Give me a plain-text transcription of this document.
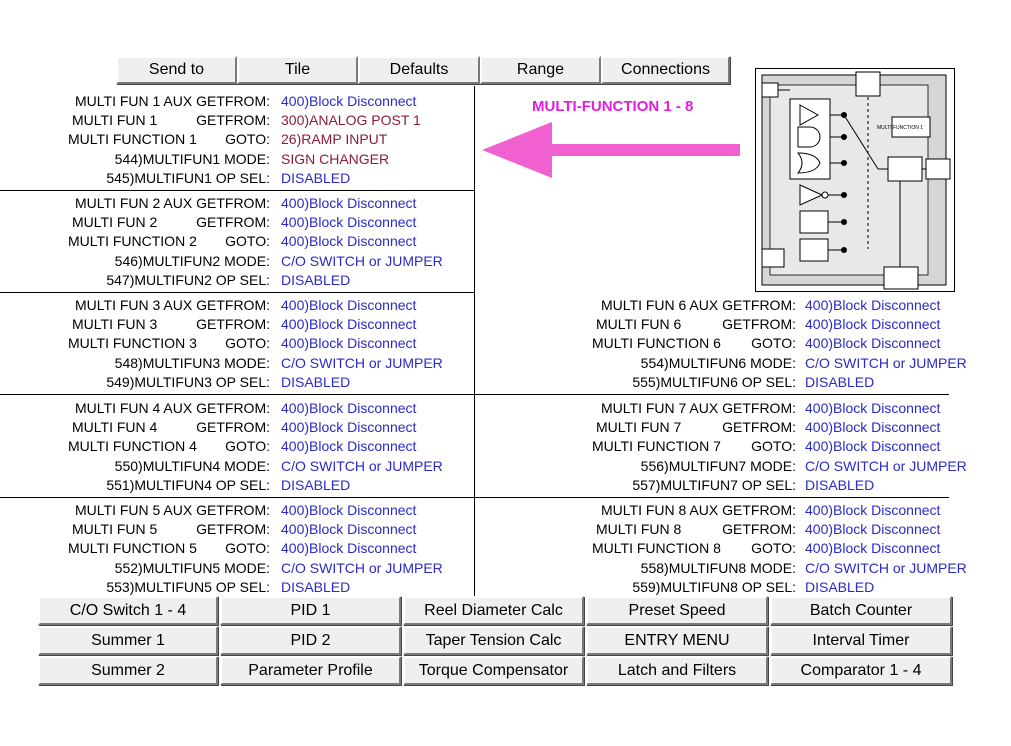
Send to	Tile	Defaults	Range	Connections
MULTI-FUNCTION 1 - 8
MULTI FUNCTION 1
MULTI FUN 1 AUX GETFROM: 400)Block Disconnect
MULTI FUN 1	GETFROM: 300)ANALOG POST 1
MULTI FUNCTION 1 GOTO: 26)RAMP INPUT
544)MULTIFUN1 MODE: SIGN CHANGER
545)MULTIFUN1 OP SEL: DISABLED
MULTI FUN 2 AUX GETFROM: 400)Block Disconnect
MULTI FUN 2	GETFROM: 400)Block Disconnect
MULTI FUNCTION 2 GOTO: 400)Block Disconnect
546)MULTIFUN2 MODE: C/O SWITCH or JUMPER
547)MULTIFUN2 OP SEL: DISABLED
MULTI FUN 3 AUX GETFROM: 400)Block Disconnect
MULTI FUN 3	GETFROM: 400)Block Disconnect
MULTI FUNCTION 3 GOTO: 400)Block Disconnect
548)MULTIFUN3 MODE: C/O SWITCH or JUMPER
549)MULTIFUN3 OP SEL: DISABLED
MULTI FUN 4 AUX GETFROM: 400)Block Disconnect
MULTI FUN 4	GETFROM: 400)Block Disconnect
MULTI FUNCTION 4 GOTO: 400)Block Disconnect
550)MULTIFUN4 MODE: C/O SWITCH or JUMPER
551)MULTIFUN4 OP SEL: DISABLED
MULTI FUN 5 AUX GETFROM: 400)Block Disconnect
MULTI FUN 5	GETFROM: 400)Block Disconnect
MULTI FUNCTION 5 GOTO: 400)Block Disconnect
552)MULTIFUN5 MODE: C/O SWITCH or JUMPER
553)MULTIFUN5 OP SEL: DISABLED
MULTI FUN 6 AUX GETFROM: 400)Block Disconnect
MULTI FUN 6	GETFROM: 400)Block Disconnect
MULTI FUNCTION 6 GOTO: 400)Block Disconnect
554)MULTIFUN6 MODE: C/O SWITCH or JUMPER
555)MULTIFUN6 OP SEL: DISABLED
MULTI FUN 7 AUX GETFROM: 400)Block Disconnect
MULTI FUN 7	GETFROM: 400)Block Disconnect
MULTI FUNCTION 7 GOTO: 400)Block Disconnect
556)MULTIFUN7 MODE: C/O SWITCH or JUMPER
557)MULTIFUN7 OP SEL: DISABLED
MULTI FUN 8 AUX GETFROM: 400)Block Disconnect
MULTI FUN 8	GETFROM: 400)Block Disconnect
MULTI FUNCTION 8 GOTO: 400)Block Disconnect
558)MULTIFUN8 MODE: C/O SWITCH or JUMPER
559)MULTIFUN8 OP SEL: DISABLED
C/O Switch 1 - 4	PID 1	Reel Diameter Calc	Preset Speed	Batch Counter
Summer 1	PID 2	Taper Tension Calc	ENTRY MENU	Interval Timer
Summer 2	Parameter Profile	Torque Compensator	Latch and Filters	Comparator 1 - 4
